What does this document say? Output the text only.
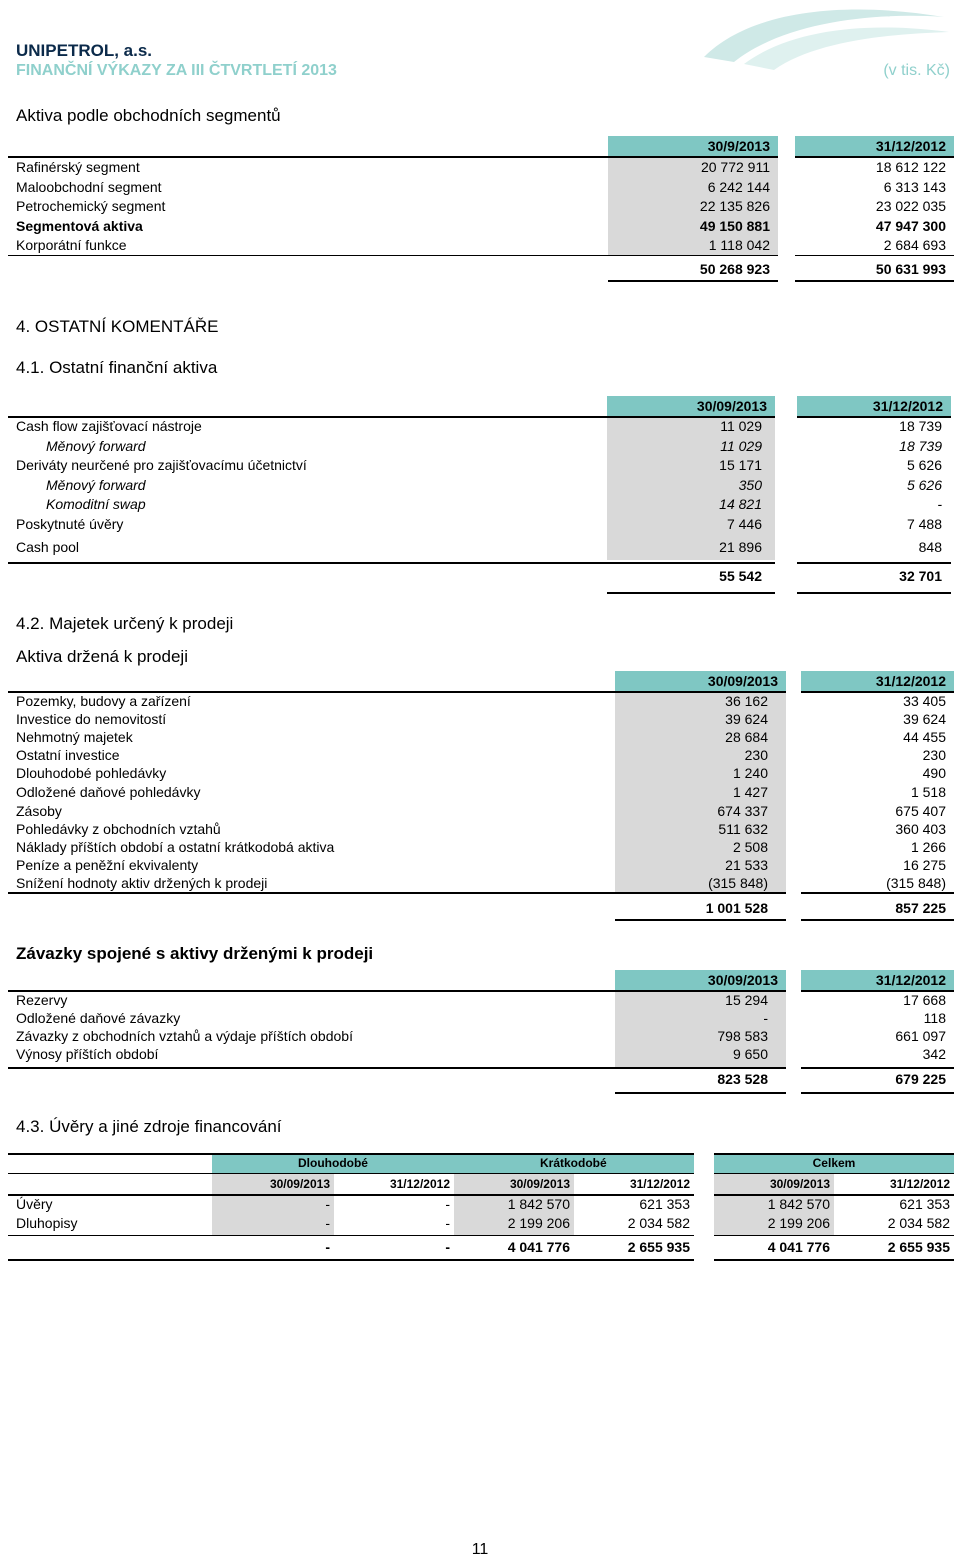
UNIPETROL, a.s.
FINANČNÍ VÝKAZY ZA III ČTVRTLETÍ 2013	(v tis. Kč)
Aktiva podle obchodních segmentů
30/9/2013	31/12/2012
Rafinérský segment	20 772 911	18 612 122
Maloobchodní segment	6 242 144	6 313 143
Petrochemický segment	22 135 826	23 022 035
Segmentová aktiva	49 150 881	47 947 300
Korporátní funkce	1 118 042	2 684 693
50 268 923	50 631 993
4. OSTATNÍ KOMENTÁŘE
4.1. Ostatní finanční aktiva
30/09/2013	31/12/2012
Cash flow zajišťovací nástroje	11 029	18 739
Měnový forward	11 029	18 739
Deriváty neurčené pro zajišťovacímu účetnictví	15 171	5 626
Měnový forward	350	5 626
Komoditní swap	14 821	-
Poskytnuté úvěry	7 446	7 488
Cash pool	21 896	848
55 542	32 701
4.2. Majetek určený k prodeji
Aktiva držená k prodeji
30/09/2013	31/12/2012
Pozemky, budovy a zařízení	36 162	33 405
Investice do nemovitostí	39 624	39 624
Nehmotný majetek	28 684	44 455
Ostatní investice	230	230
Dlouhodobé pohledávky	1 240	490
Odložené daňové pohledávky	1 427	1 518
Zásoby	674 337	675 407
Pohledávky z obchodních vztahů	511 632	360 403
Náklady příštích období a ostatní krátkodobá aktiva	2 508	1 266
Peníze a peněžní ekvivalenty	21 533	16 275
Snížení hodnoty aktiv držených k prodeji	(315 848)	(315 848)
1 001 528	857 225
Závazky spojené s aktivy drženými k prodeji
30/09/2013	31/12/2012
Rezervy	15 294	17 668
Odložené daňové závazky	-	118
Závazky z obchodních vztahů a výdaje příštích období	798 583	661 097
Výnosy příštích období	9 650	342
823 528	679 225
4.3. Úvěry a jiné zdroje financování
Dlouhodobé	Krátkodobé	Celkem
30/09/2013	31/12/2012	30/09/2013	31/12/2012	30/09/2013	31/12/2012
Úvěry	-	-	1 842 570	621 353	1 842 570	621 353
Dluhopisy	-	-	2 199 206	2 034 582	2 199 206	2 034 582
-	-	4 041 776	2 655 935	4 041 776	2 655 935
11
